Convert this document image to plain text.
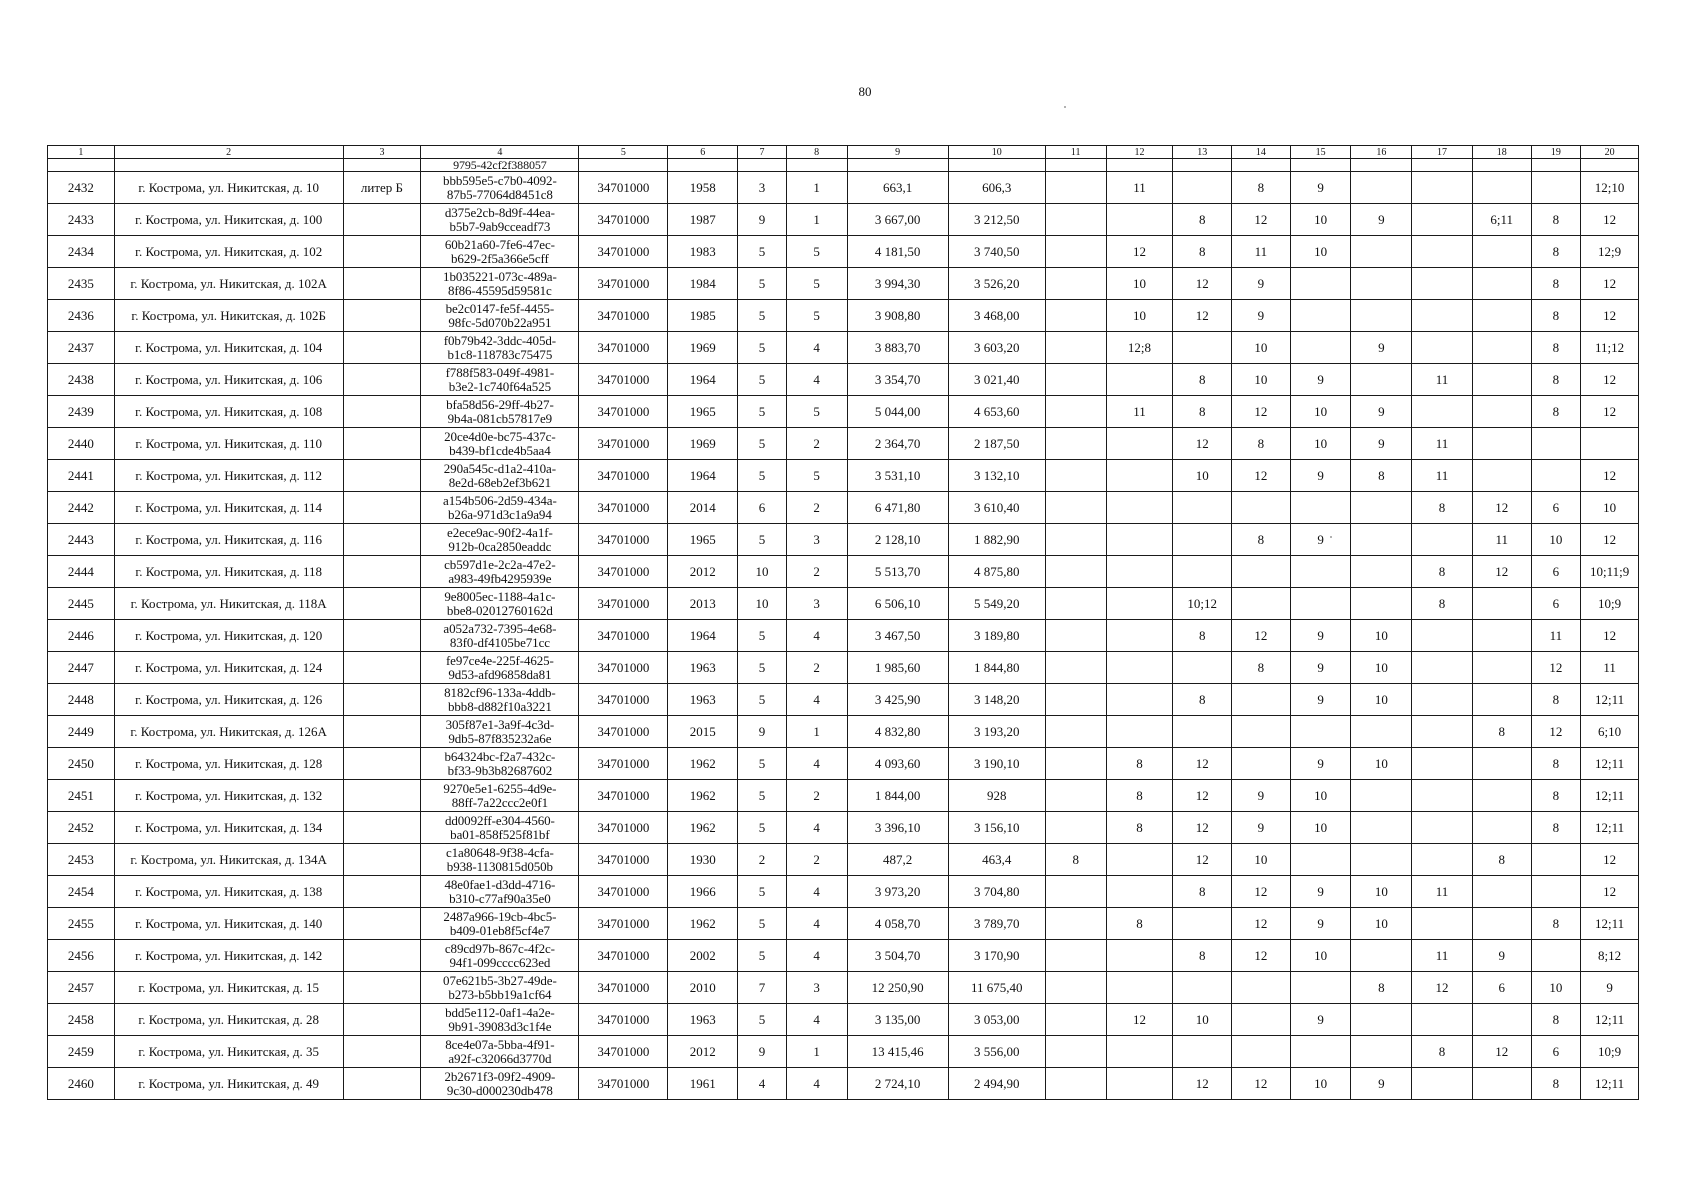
80
1	2	3	4	5	6	7	8	9	10	11	12	13	14	15	16	17	18	19	20
			9795-42cf2f388057																
2432	г. Кострома, ул. Никитская, д. 10	литер Б	bbb595e5-c7b0-4092-
87b5-77064d8451c8	34701000	1958	3	1	663,1	606,3		11		8	9					12;10
2433	г. Кострома, ул. Никитская, д. 100		d375e2cb-8d9f-44ea-
b5b7-9ab9cceadf73	34701000	1987	9	1	3 667,00	3 212,50			8	12	10	9		6;11	8	12
2434	г. Кострома, ул. Никитская, д. 102		60b21a60-7fe6-47ec-
b629-2f5a366e5cff	34701000	1983	5	5	4 181,50	3 740,50		12	8	11	10				8	12;9
2435	г. Кострома, ул. Никитская, д. 102А		1b035221-073c-489a-
8f86-45595d59581c	34701000	1984	5	5	3 994,30	3 526,20		10	12	9					8	12
2436	г. Кострома, ул. Никитская, д. 102Б		be2c0147-fe5f-4455-
98fc-5d070b22a951	34701000	1985	5	5	3 908,80	3 468,00		10	12	9					8	12
2437	г. Кострома, ул. Никитская, д. 104		f0b79b42-3ddc-405d-
b1c8-118783c75475	34701000	1969	5	4	3 883,70	3 603,20		12;8		10		9			8	11;12
2438	г. Кострома, ул. Никитская, д. 106		f788f583-049f-4981-
b3e2-1c740f64a525	34701000	1964	5	4	3 354,70	3 021,40			8	10	9		11		8	12
2439	г. Кострома, ул. Никитская, д. 108		bfa58d56-29ff-4b27-
9b4a-081cb57817e9	34701000	1965	5	5	5 044,00	4 653,60		11	8	12	10	9			8	12
2440	г. Кострома, ул. Никитская, д. 110		20ce4d0e-bc75-437c-
b439-bf1cde4b5aa4	34701000	1969	5	2	2 364,70	2 187,50			12	8	10	9	11			
2441	г. Кострома, ул. Никитская, д. 112		290a545c-d1a2-410a-
8e2d-68eb2ef3b621	34701000	1964	5	5	3 531,10	3 132,10			10	12	9	8	11			12
2442	г. Кострома, ул. Никитская, д. 114		a154b506-2d59-434a-
b26a-971d3c1a9a94	34701000	2014	6	2	6 471,80	3 610,40							8	12	6	10
2443	г. Кострома, ул. Никитская, д. 116		e2ece9ac-90f2-4a1f-
912b-0ca2850eaddc	34701000	1965	5	3	2 128,10	1 882,90				8	9			11	10	12
2444	г. Кострома, ул. Никитская, д. 118		cb597d1e-2c2a-47e2-
a983-49fb4295939e	34701000	2012	10	2	5 513,70	4 875,80							8	12	6	10;11;9
2445	г. Кострома, ул. Никитская, д. 118А		9e8005ec-1188-4a1c-
bbe8-02012760162d	34701000	2013	10	3	6 506,10	5 549,20			10;12				8		6	10;9
2446	г. Кострома, ул. Никитская, д. 120		a052a732-7395-4e68-
83f0-df4105be71cc	34701000	1964	5	4	3 467,50	3 189,80			8	12	9	10			11	12
2447	г. Кострома, ул. Никитская, д. 124		fe97ce4e-225f-4625-
9d53-afd96858da81	34701000	1963	5	2	1 985,60	1 844,80				8	9	10			12	11
2448	г. Кострома, ул. Никитская, д. 126		8182cf96-133a-4ddb-
bbb8-d882f10a3221	34701000	1963	5	4	3 425,90	3 148,20			8		9	10			8	12;11
2449	г. Кострома, ул. Никитская, д. 126А		305f87e1-3a9f-4c3d-
9db5-87f835232a6e	34701000	2015	9	1	4 832,80	3 193,20								8	12	6;10
2450	г. Кострома, ул. Никитская, д. 128		b64324bc-f2a7-432c-
bf33-9b3b82687602	34701000	1962	5	4	4 093,60	3 190,10		8	12		9	10			8	12;11
2451	г. Кострома, ул. Никитская, д. 132		9270e5e1-6255-4d9e-
88ff-7a22ccc2e0f1	34701000	1962	5	2	1 844,00	928		8	12	9	10				8	12;11
2452	г. Кострома, ул. Никитская, д. 134		dd0092ff-e304-4560-
ba01-858f525f81bf	34701000	1962	5	4	3 396,10	3 156,10		8	12	9	10				8	12;11
2453	г. Кострома, ул. Никитская, д. 134А		c1a80648-9f38-4cfa-
b938-1130815d050b	34701000	1930	2	2	487,2	463,4	8		12	10				8		12
2454	г. Кострома, ул. Никитская, д. 138		48e0fae1-d3dd-4716-
b310-c77af90a35e0	34701000	1966	5	4	3 973,20	3 704,80			8	12	9	10	11			12
2455	г. Кострома, ул. Никитская, д. 140		2487a966-19cb-4bc5-
b409-01eb8f5cf4e7	34701000	1962	5	4	4 058,70	3 789,70		8		12	9	10			8	12;11
2456	г. Кострома, ул. Никитская, д. 142		c89cd97b-867c-4f2c-
94f1-099cccc623ed	34701000	2002	5	4	3 504,70	3 170,90			8	12	10		11	9		8;12
2457	г. Кострома, ул. Никитская, д. 15		07e621b5-3b27-49de-
b273-b5bb19a1cf64	34701000	2010	7	3	12 250,90	11 675,40						8	12	6	10	9
2458	г. Кострома, ул. Никитская, д. 28		bdd5e112-0af1-4a2e-
9b91-39083d3c1f4e	34701000	1963	5	4	3 135,00	3 053,00		12	10		9				8	12;11
2459	г. Кострома, ул. Никитская, д. 35		8ce4e07a-5bba-4f91-
a92f-c32066d3770d	34701000	2012	9	1	13 415,46	3 556,00							8	12	6	10;9
2460	г. Кострома, ул. Никитская, д. 49		2b2671f3-09f2-4909-
9c30-d000230db478	34701000	1961	4	4	2 724,10	2 494,90			12	12	10	9			8	12;11
